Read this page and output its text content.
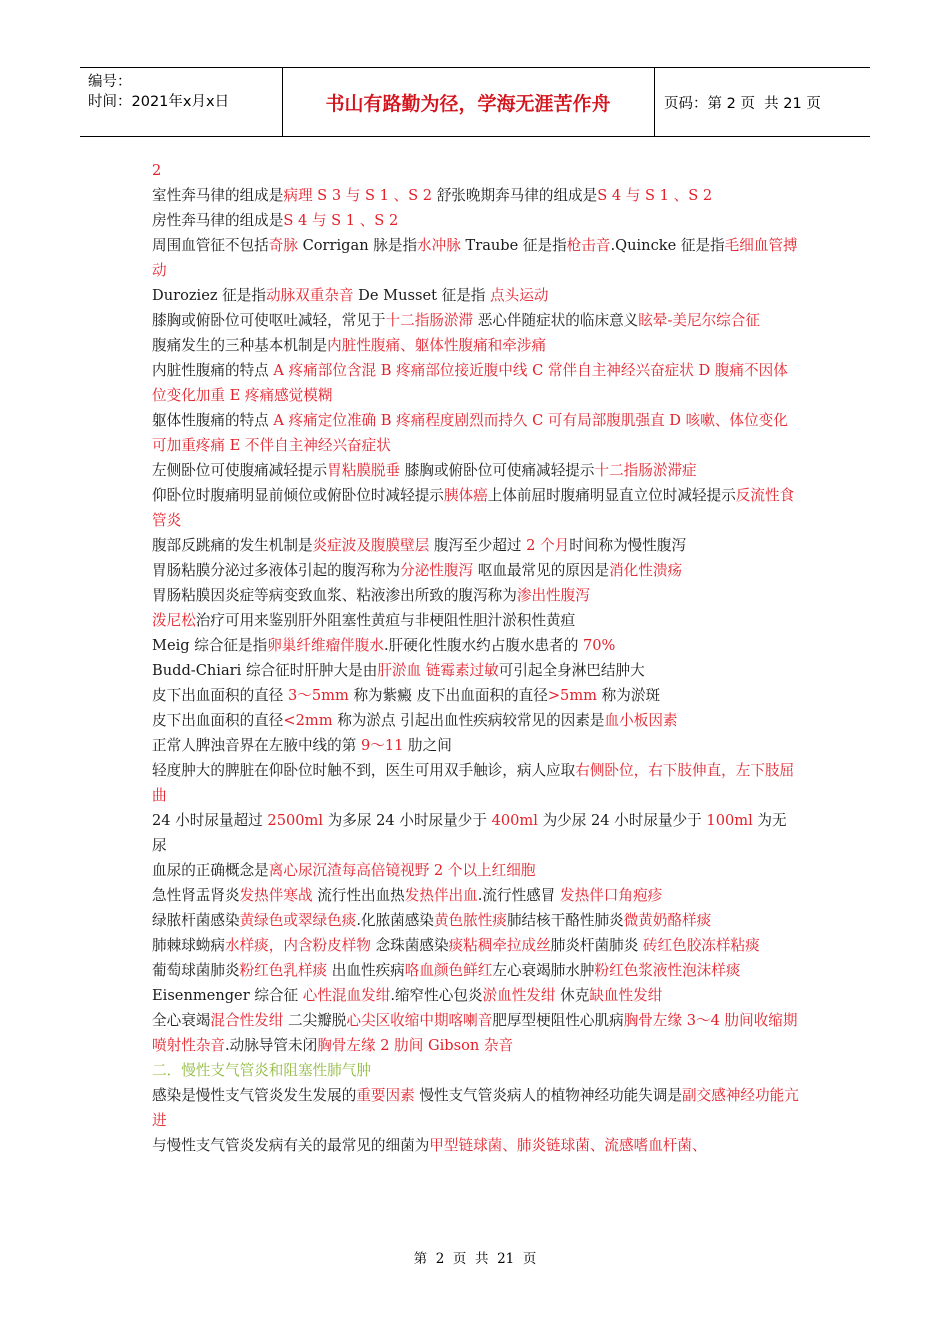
编号：
时间：2021年x月x日	书山有路勤为径，学海无涯苦作舟	页码：第 2 页  共 21 页

2

室性奔马律的组成是病理 S 3 与 S 1 、S 2 舒张晚期奔马律的组成是S 4 与 S 1 、S 2

房性奔马律的组成是S 4 与 S 1 、S 2

周围血管征不包括奇脉 Corrigan 脉是指水冲脉 Traube 征是指枪击音.Quincke 征是指毛细血管搏动

Duroziez 征是指动脉双重杂音 De Musset 征是指 点头运动

膝胸或俯卧位可使呕吐减轻，常见于十二指肠淤滞 恶心伴随症状的临床意义眩晕-美尼尔综合征

腹痛发生的三种基本机制是内脏性腹痛、躯体性腹痛和牵涉痛

内脏性腹痛的特点 A 疼痛部位含混 B 疼痛部位接近腹中线 C 常伴自主神经兴奋症状 D 腹痛不因体位变化加重 E 疼痛感觉模糊

躯体性腹痛的特点 A 疼痛定位准确 B 疼痛程度剧烈而持久 C 可有局部腹肌强直 D 咳嗽、体位变化可加重疼痛 E 不伴自主神经兴奋症状

左侧卧位可使腹痛减轻提示胃粘膜脱垂 膝胸或俯卧位可使痛减轻提示十二指肠淤滞症

仰卧位时腹痛明显前倾位或俯卧位时减轻提示胰体癌上体前屈时腹痛明显直立位时减轻提示反流性食管炎

腹部反跳痛的发生机制是炎症波及腹膜壁层 腹泻至少超过 2 个月时间称为慢性腹泻

胃肠粘膜分泌过多液体引起的腹泻称为分泌性腹泻 呕血最常见的原因是消化性溃疡

胃肠粘膜因炎症等病变致血浆、粘液渗出所致的腹泻称为渗出性腹泻

泼尼松治疗可用来鉴别肝外阻塞性黄疸与非梗阻性胆汁淤积性黄疸

Meig 综合征是指卵巢纤维瘤伴腹水.肝硬化性腹水约占腹水患者的 70%

Budd-Chiari 综合征时肝肿大是由肝淤血 链霉素过敏可引起全身淋巴结肿大

皮下出血面积的直径 3～5mm 称为紫癜 皮下出血面积的直径>5mm 称为淤斑

皮下出血面积的直径<2mm 称为淤点 引起出血性疾病较常见的因素是血小板因素

正常人脾浊音界在左腋中线的第 9～11 肋之间

轻度肿大的脾脏在仰卧位时触不到，医生可用双手触诊，病人应取右侧卧位，右下肢伸直，左下肢屈曲

24 小时尿量超过 2500ml 为多尿 24 小时尿量少于 400ml 为少尿 24 小时尿量少于 100ml 为无尿

血尿的正确概念是离心尿沉渣每高倍镜视野 2 个以上红细胞

急性肾盂肾炎发热伴寒战 流行性出血热发热伴出血.流行性感冒 发热伴口角疱疹

绿脓杆菌感染黄绿色或翠绿色痰.化脓菌感染黄色脓性痰肺结核干酪性肺炎微黄奶酪样痰

肺棘球蚴病水样痰，内含粉皮样物 念珠菌感染痰粘稠牵拉成丝肺炎杆菌肺炎 砖红色胶冻样粘痰

葡萄球菌肺炎粉红色乳样痰 出血性疾病咯血颜色鲜红左心衰竭肺水肿粉红色浆液性泡沫样痰

Eisenmenger 综合征 心性混血发绀.缩窄性心包炎淤血性发绀 休克缺血性发绀

全心衰竭混合性发绀 二尖瓣脱心尖区收缩中期喀喇音肥厚型梗阻性心肌病胸骨左缘 3～4 肋间收缩期喷射性杂音.动脉导管未闭胸骨左缘 2 肋间 Gibson 杂音

二．慢性支气管炎和阻塞性肺气肿

感染是慢性支气管炎发生发展的重要因素 慢性支气管炎病人的植物神经功能失调是副交感神经功能亢进

与慢性支气管炎发病有关的最常见的细菌为甲型链球菌、肺炎链球菌、流感嗜血杆菌、

第  2  页  共  21  页
